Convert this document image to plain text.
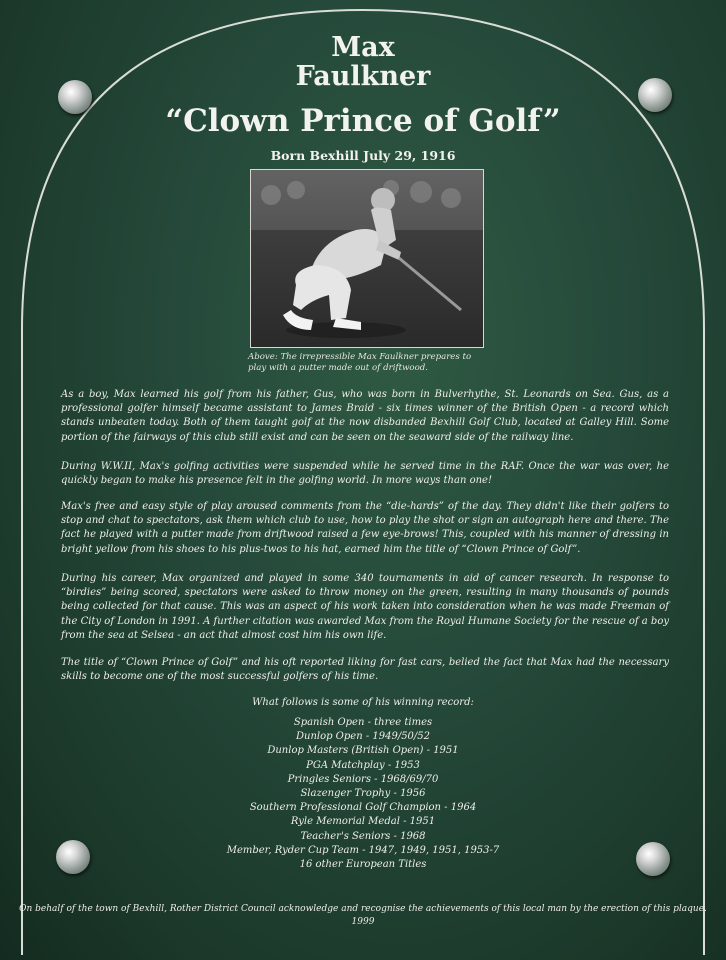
Max
Faulkner
“Clown Prince of Golf”
Born Bexhill July 29, 1916
Above: The irrepressible Max Faulkner prepares to play with a putter made out of driftwood.

As a boy, Max learned his golf from his father, Gus, who was born in Bulverhythe, St. Leonards on Sea. Gus, as a professional golfer himself became assistant to James Braid - six times winner of the British Open - a record which stands unbeaten today. Both of them taught golf at the now disbanded Bexhill Golf Club, located at Galley Hill. Some portion of the fairways of this club still exist and can be seen on the seaward side of the railway line.

During W.W.II, Max's golfing activities were suspended while he served time in the RAF. Once the war was over, he quickly began to make his presence felt in the golfing world. In more ways than one!

Max's free and easy style of play aroused comments from the “die-hards” of the day. They didn't like their golfers to stop and chat to spectators, ask them which club to use, how to play the shot or sign an autograph here and there. The fact he played with a putter made from driftwood raised a few eye-brows! This, coupled with his manner of dressing in bright yellow from his shoes to his plus-twos to his hat, earned him the title of “Clown Prince of Golf”.

During his career, Max organized and played in some 340 tournaments in aid of cancer research. In response to “birdies” being scored, spectators were asked to throw money on the green, resulting in many thousands of pounds being collected for that cause. This was an aspect of his work taken into consideration when he was made Freeman of the City of London in 1991. A further citation was awarded Max from the Royal Humane Society for the rescue of a boy from the sea at Selsea - an act that almost cost him his own life.

The title of “Clown Prince of Golf” and his oft reported liking for fast cars, belied the fact that Max had the necessary skills to become one of the most successful golfers of his time.

What follows is some of his winning record:

Spanish Open - three times
Dunlop Open - 1949/50/52
Dunlop Masters (British Open) - 1951
PGA Matchplay - 1953
Pringles Seniors - 1968/69/70
Slazenger Trophy - 1956
Southern Professional Golf Champion - 1964
Ryle Memorial Medal - 1951
Teacher's Seniors - 1968
Member, Ryder Cup Team - 1947, 1949, 1951, 1953-7
16 other European Titles
On behalf of the town of Bexhill, Rother District Council acknowledge and recognise the achievements of this local man by the erection of this plaque.
1999
